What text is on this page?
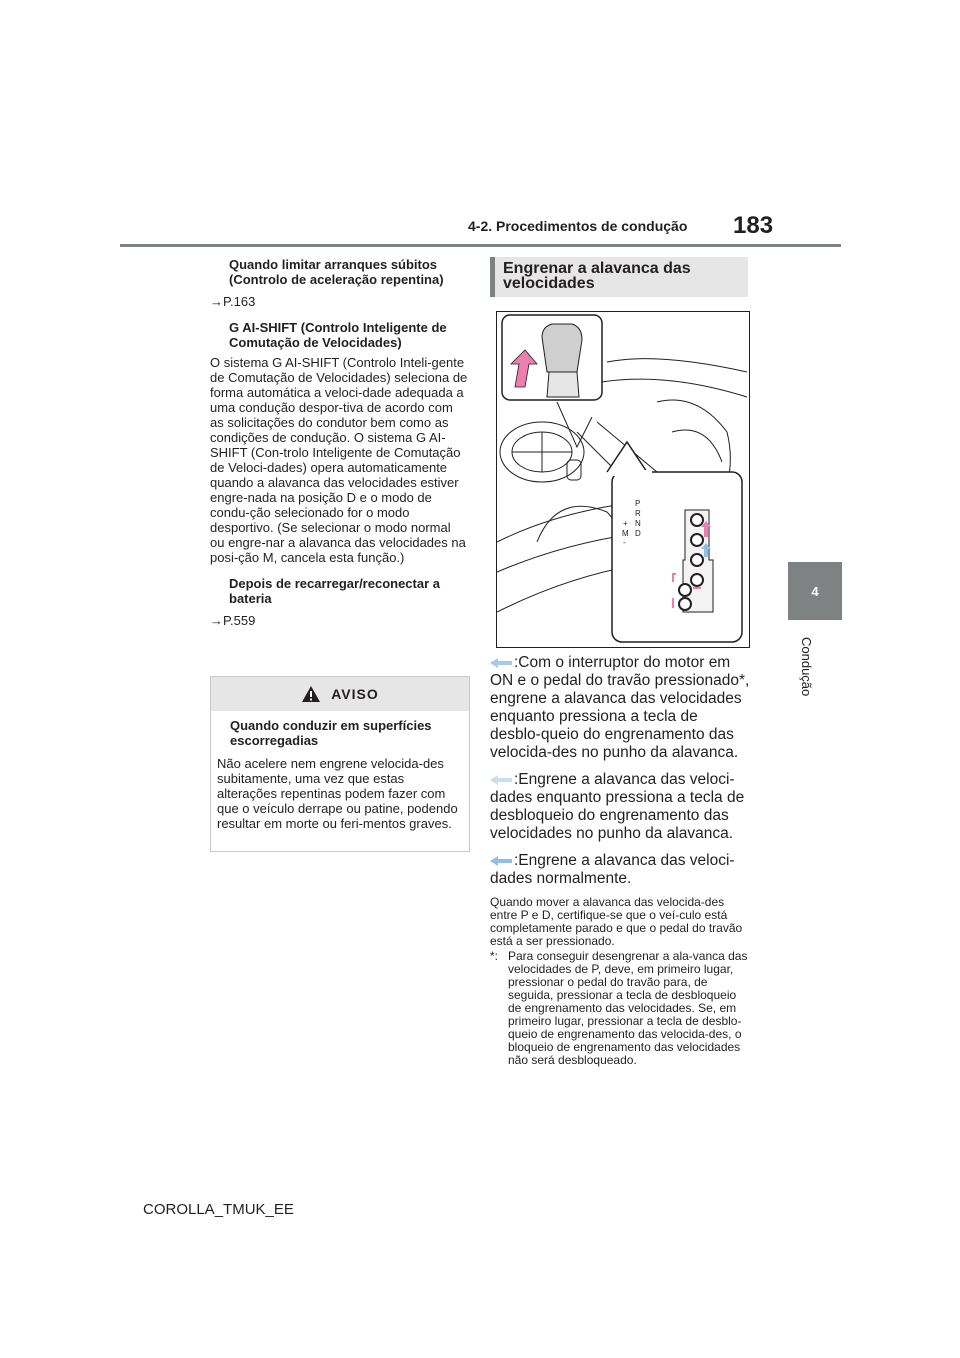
4-2. Procedimentos de condução 183
4
Condução

Quando limitar arranques súbitos (Controlo de aceleração repentina)

→P.163

G AI-SHIFT (Controlo Inteligente de Comutação de Velocidades)

O sistema G AI-SHIFT (Controlo Inteli-gente de Comutação de Velocidades) seleciona de forma automática a veloci-dade adequada a uma condução despor-tiva de acordo com as solicitações do condutor bem como as condições de condução. O sistema G AI-SHIFT (Con-trolo Inteligente de Comutação de Veloci-dades) opera automaticamente quando a alavanca das velocidades estiver engre-nada na posição D e o modo de condu-ção selecionado for o modo desportivo. (Se selecionar o modo normal ou engre-nar a alavanca das velocidades na posi-ção M, cancela esta função.)

Depois de recarregar/reconectar a bateria

→P.559

AVISO

Quando conduzir em superfícies escorregadias

Não acelere nem engrene velocida-des subitamente, uma vez que estas alterações repentinas podem fazer com que o veículo derrape ou patine, podendo resultar em morte ou feri-mentos graves.

Engrenar a alavanca das velocidades
P
R
N
D
M
+
-

:Com o interruptor do motor em ON e o pedal do travão pressionado*, engrene a alavanca das velocidades enquanto pressiona a tecla de desblo-queio do engrenamento das velocida-des no punho da alavanca.

:Engrene a alavanca das veloci-dades enquanto pressiona a tecla de desbloqueio do engrenamento das velocidades no punho da alavanca.

:Engrene a alavanca das veloci-dades normalmente.

Quando mover a alavanca das velocida-des entre P e D, certifique-se que o veí-culo está completamente parado e que o pedal do travão está a ser pressionado.

*: Para conseguir desengrenar a ala-vanca das velocidades de P, deve, em primeiro lugar, pressionar o pedal do travão para, de seguida, pressionar a tecla de desbloqueio de engrenamento das velocidades. Se, em primeiro lugar, pressionar a tecla de desblo-queio de engrenamento das velocida-des, o bloqueio de engrenamento das velocidades não será desbloqueado.
COROLLA_TMUK_EE
